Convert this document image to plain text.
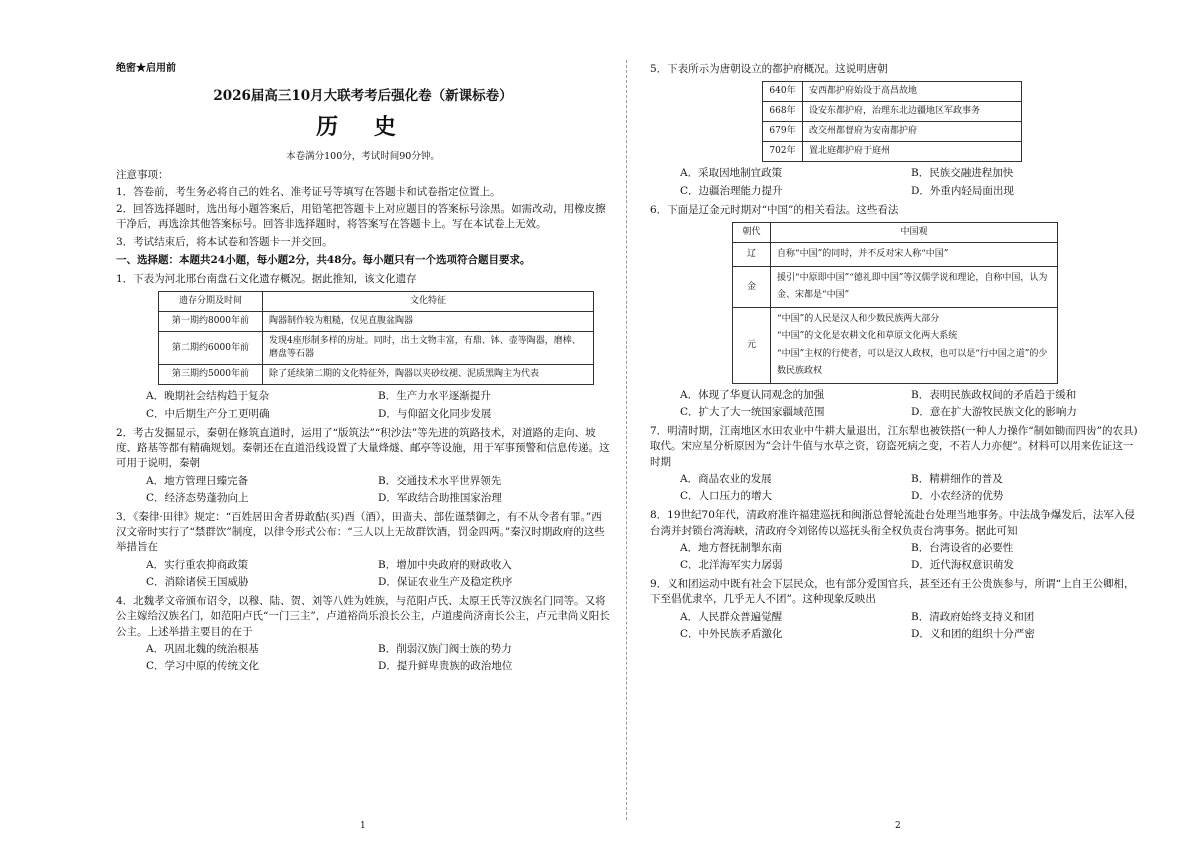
绝密★启用前
2026届高三10月大联考考后强化卷（新课标卷）
历 史
本卷满分100分，考试时间90分钟。
注意事项：
1．答卷前，考生务必将自己的姓名、准考证号等填写在答题卡和试卷指定位置上。
2．回答选择题时，选出每小题答案后，用铅笔把答题卡上对应题目的答案标号涂黑。如需改动，用橡皮擦干净后，再选涂其他答案标号。回答非选择题时，将答案写在答题卡上。写在本试卷上无效。
3．考试结束后，将本试卷和答题卡一并交回。
一、选择题：本题共24小题，每小题2分，共48分。每小题只有一个选项符合题目要求。
1．下表为河北邢台南盘石文化遗存概况。据此推知，该文化遗存
遗存分期及时间	文化特征
第一期约8000年前	陶器制作较为粗糙，仅见直腹盆陶器
第二期约6000年前	发现4座形制多样的房址。同时，出土文物丰富，有鼎、钵、壶等陶器，磨棒、磨盘等石器
第三期约5000年前	除了延续第二期的文化特征外，陶器以夹砂纹褪、泥质黑陶主为代表
A．晚期社会结构趋于复杂	B．生产力水平逐渐提升
C．中后期生产分工更明确	D．与仰韶文化同步发展
2．考古发掘显示，秦朝在修筑直道时，运用了“版筑法”“积沙法”等先进的筑路技术，对道路的走向、坡度、路基等都有精确规划。秦朝还在直道沿线设置了大量烽燧、邮亭等设施，用于军事预警和信息传递。这可用于说明，秦朝
A．地方管理日臻完备	B．交通技术水平世界领先
C．经济态势蓬勃向上	D．军政结合助推国家治理
3．《秦律·田律》规定：“百姓居田舍者毋敢酤(买)酉（酒），田啬夫、部佐谨禁御之，有不从令者有罪。”西汉文帝时实行了“禁群饮”制度，以律令形式公布：“三人以上无故群饮酒，罚金四两。”秦汉时期政府的这些举措旨在
A．实行重农抑商政策	B．增加中央政府的财政收入
C．消除诸侯王国威胁	D．保证农业生产及稳定秩序
4．北魏孝文帝颁布诏令，以穆、陆、贺、刘等八姓为姓族，与范阳卢氏、太原王氏等汉族名门同等。又将公主嫁给汉族名门，如范阳卢氏“一门三主”，卢道裕尚乐浪长公主，卢道虔尚济南长公主，卢元聿尚义阳长公主。上述举措主要目的在于
A．巩固北魏的统治根基	B．削弱汉族门阀士族的势力
C．学习中原的传统文化	D．提升鲜卑贵族的政治地位
5．下表所示为唐朝设立的都护府概况。这说明唐朝
640年	安西都护府始设于高昌故地
668年	设安东都护府，治理东北边疆地区军政事务
679年	改交州都督府为安南都护府
702年	置北庭都护府于庭州
A．采取因地制宜政策	B．民族交融进程加快
C．边疆治理能力提升	D．外重内轻局面出现
6．下面是辽金元时期对“中国”的相关看法。这些看法
朝代	中国观
辽	自称“中国”的同时，并不反对宋人称“中国”

金	援引“中原即中国”“德礼即中国”等汉儒学说和理论，自称中国，认为金、宋都是“中国”

元	“中国”的人民是汉人和少数民族两大部分
“中国”的文化是农耕文化和草原文化两大系统
“中国”主权的行使者，可以是汉人政权，也可以是“行中国之道”的少数民族政权
A．体现了华夏认同观念的加强	B．表明民族政权间的矛盾趋于缓和
C．扩大了大一统国家疆域范围	D．意在扩大游牧民族文化的影响力
7．明清时期，江南地区水田农业中牛耕大量退出，江东犁也被铁搭(一种人力操作“制如锄而四齿”的农具)取代。宋应星分析原因为“会计牛值与水草之资，窃盗死病之变，不若人力亦便”。材料可以用来佐证这一时期
A．商品农业的发展	B．精耕细作的普及
C．人口压力的增大	D．小农经济的优势
8．19世纪70年代，清政府准许福建巡抚和闽浙总督轮流赴台处理当地事务。中法战争爆发后，法军入侵台湾并封锁台湾海峡，清政府令刘铭传以巡抚头衔全权负责台湾事务。据此可知
A．地方督抚制掣东南	B．台湾设省的必要性
C．北洋海军实力孱弱	D．近代海权意识萌发
9．义和团运动中既有社会下层民众，也有部分爱国官兵，甚至还有王公贵族参与，所谓“上自王公卿相，下至倡优隶卒，几乎无人不团”。这种现象反映出
A．人民群众普遍觉醒	B．清政府始终支持义和团
C．中外民族矛盾激化	D．义和团的组织十分严密
1	2
